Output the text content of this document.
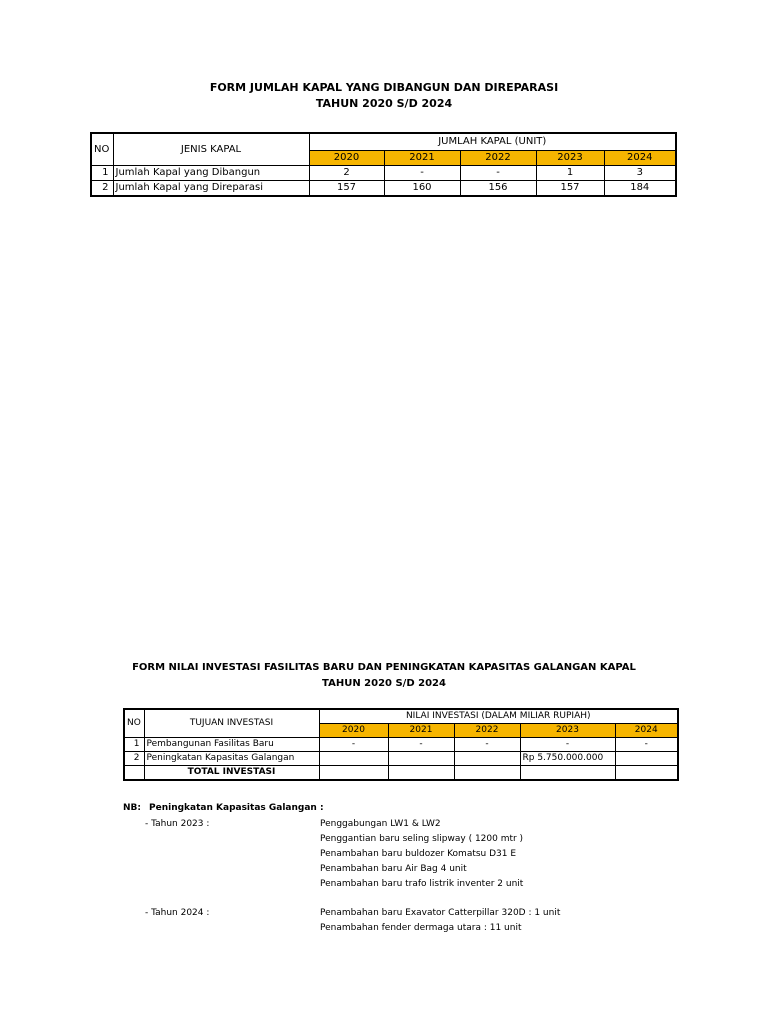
FORM JUMLAH KAPAL YANG DIBANGUN DAN DIREPARASI
TAHUN 2020 S/D 2024
NO	JENIS KAPAL	JUMLAH KAPAL (UNIT)				
		2020	2021	2022	2023	2024
1	Jumlah Kapal yang Dibangun	2	-	-	1	3
2	Jumlah Kapal yang Direparasi	157	160	156	157	184
FORM NILAI INVESTASI FASILITAS BARU DAN PENINGKATAN KAPASITAS GALANGAN KAPAL
TAHUN 2020 S/D 2024
NO	TUJUAN INVESTASI	NILAI INVESTASI (DALAM MILIAR RUPIAH)				
		2020	2021	2022	2023	2024
1	Pembangunan Fasilitas Baru	-	-	-	-	-
2	Peningkatan Kapasitas Galangan				Rp 5.750.000.000	
	TOTAL INVESTASI					
NB: Peningkatan Kapasitas Galangan :
- Tahun 2023 :	Penggabungan LW1 & LW2
Penggantian baru seling slipway ( 1200 mtr )
Penambahan baru buldozer Komatsu D31 E
Penambahan baru Air Bag 4 unit
Penambahan baru trafo listrik inventer 2 unit
- Tahun 2024 :	Penambahan baru Exavator Catterpillar 320D : 1 unit
Penambahan fender dermaga utara : 11 unit
